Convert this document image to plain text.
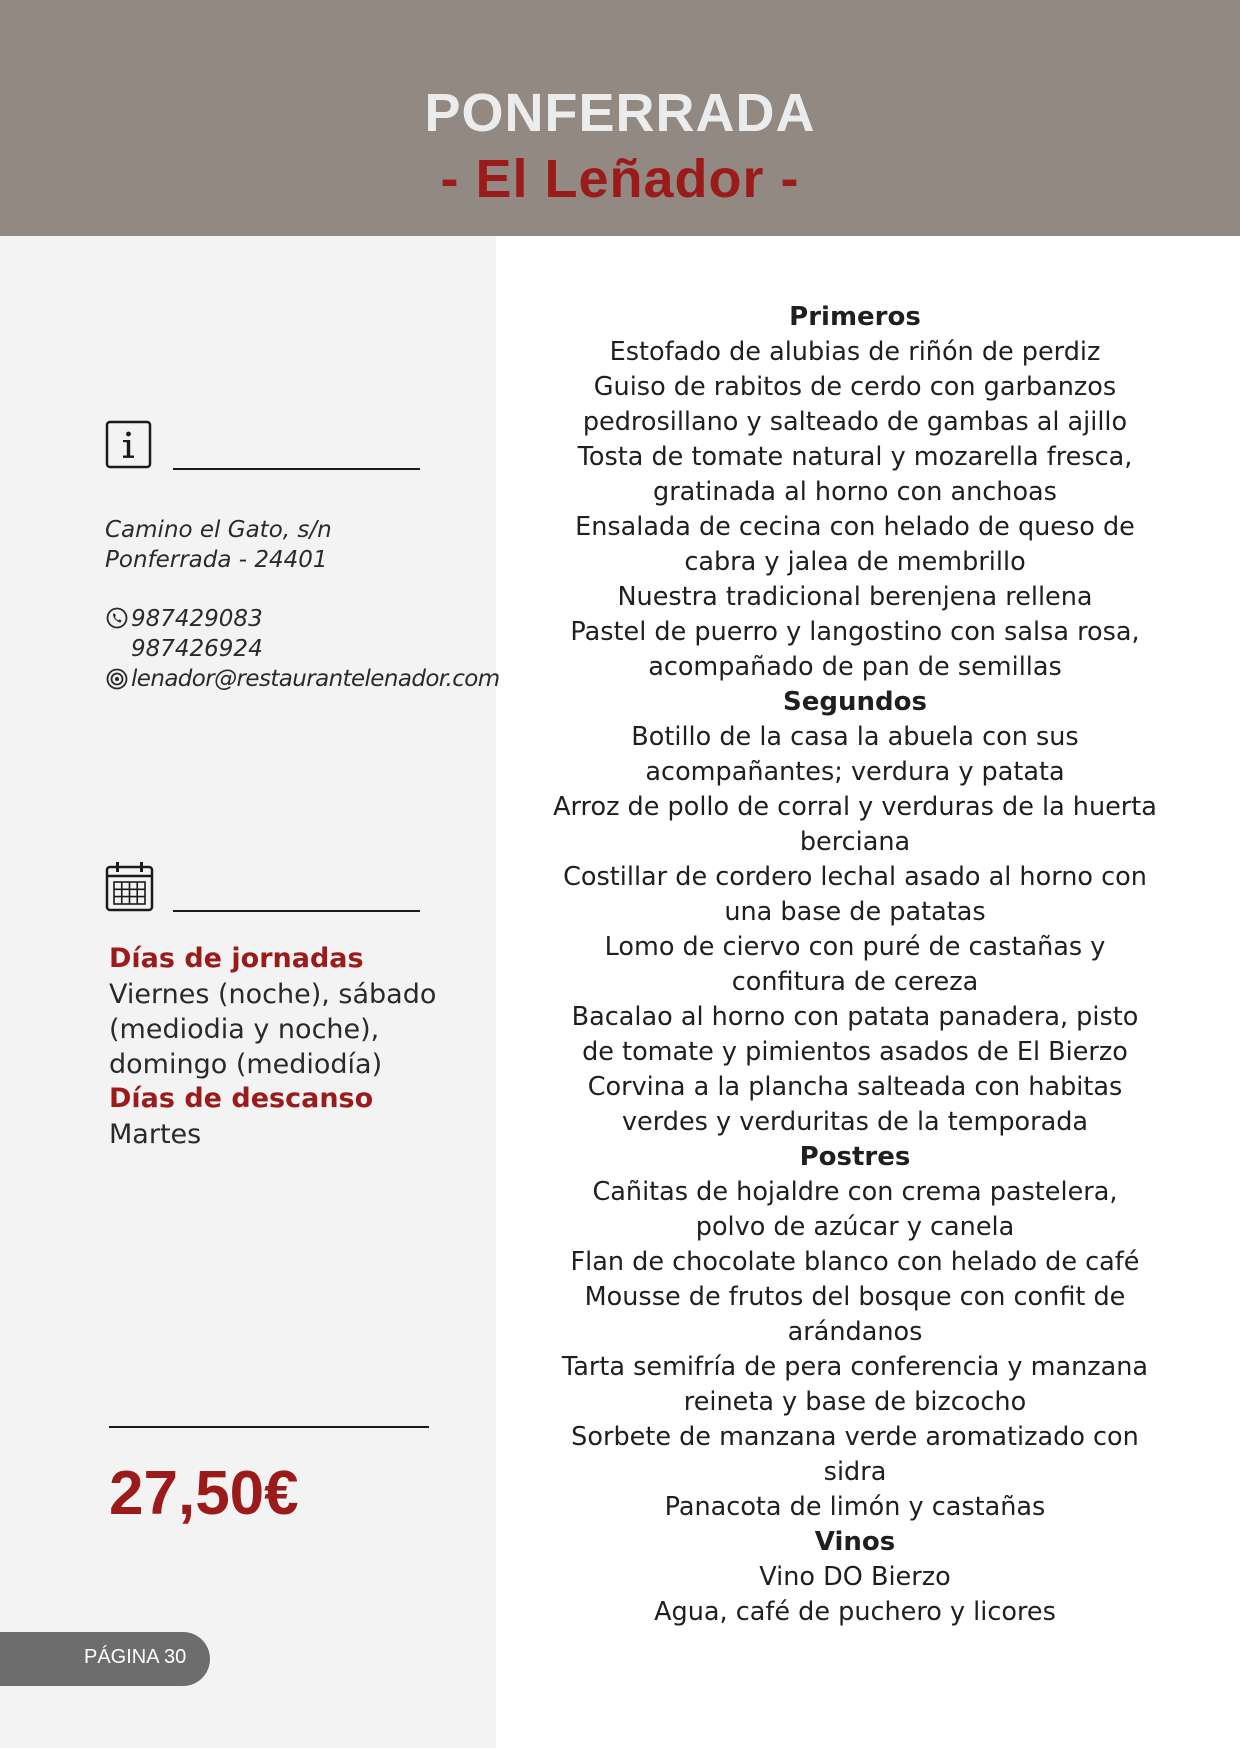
PONFERRADA
- El Leñador -
Camino el Gato, s/n
Ponferrada - 24401
987429083
987426924
lenador@restaurantelenador.com
Días de jornadas
Viernes (noche), sábado
(mediodia y noche),
domingo (mediodía)
Días de descanso
Martes
27,50€
PÁGINA 30
Primeros
Estofado de alubias de riñón de perdiz
Guiso de rabitos de cerdo con garbanzos
pedrosillano y salteado de gambas al ajillo
Tosta de tomate natural y mozarella fresca,
gratinada al horno con anchoas
Ensalada de cecina con helado de queso de
cabra y jalea de membrillo
Nuestra tradicional berenjena rellena
Pastel de puerro y langostino con salsa rosa,
acompañado de pan de semillas
Segundos
Botillo de la casa la abuela con sus
acompañantes; verdura y patata
Arroz de pollo de corral y verduras de la huerta
berciana
Costillar de cordero lechal asado al horno con
una base de patatas
Lomo de ciervo con puré de castañas y
confitura de cereza
Bacalao al horno con patata panadera, pisto
de tomate y pimientos asados de El Bierzo
Corvina a la plancha salteada con habitas
verdes y verduritas de la temporada
Postres
Cañitas de hojaldre con crema pastelera,
polvo de azúcar y canela
Flan de chocolate blanco con helado de café
Mousse de frutos del bosque con confit de
arándanos
Tarta semifría de pera conferencia y manzana
reineta y base de bizcocho
Sorbete de manzana verde aromatizado con
sidra
Panacota de limón y castañas
Vinos
Vino DO Bierzo
Agua, café de puchero y licores
